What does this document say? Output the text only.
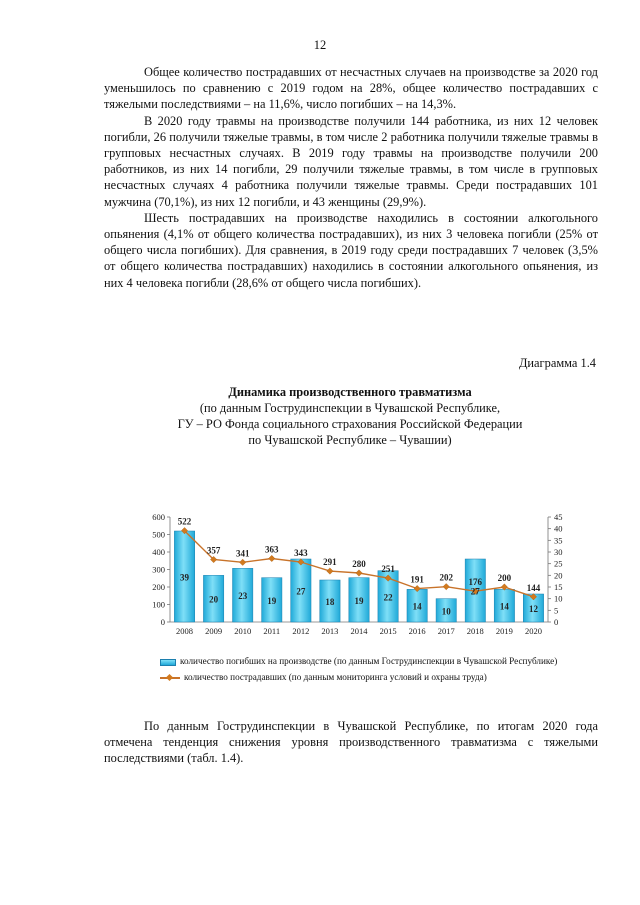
12

Общее количество пострадавших от несчастных случаев на производстве за 2020 год уменьшилось по сравнению с 2019 годом на 28%, общее количество пострадавших с тяжелыми последствиями – на 11,6%, число погибших – на 14,3%.

В 2020 году травмы на производстве получили 144 работника, из них 12 человек погибли, 26 получили тяжелые травмы, в том числе 2 работника получили тяжелые травмы в групповых несчастных случаях. В 2019 году травмы на производстве получили 200 работников, из них 14 погибли, 29 получили тяжелые травмы, в том числе в групповых несчастных случаях 4 работника получили тяжелые травмы. Среди пострадавших 101 мужчина (70,1%), из них 12 погибли, и 43 женщины (29,9%).

Шесть пострадавших на производстве находились в состоянии алкогольного опьянения (4,1% от общего количества пострадавших), из них 3 человека погибли (25% от общего числа погибших). Для сравнения, в 2019 году среди пострадавших 7 человек (3,5% от общего количества пострадавших) находились в состоянии алкогольного опьянения, из них 4 человека погибли (28,6% от общего числа погибших).

Диаграмма 1.4
Динамика производственного травматизма
(по данным Гострудинспекции в Чувашской Республике,
ГУ – РО Фонда социального страхования Российской Федерации
по Чувашской Республике – Чувашии)
0
100
200
300
400
500
600
0
5
10
15
20
25
30
35
40
45
2008 2009 2010 2011 2012 2013 2014 2015 2016 2017 2018 2019 2020
39
20 23 19
27
18 19 22
14 10
27
14 12
522
357 341 363 343
291 280
251
191 202 176 200
144
количество погибших на производстве (по данным Гострудинспекции в Чувашской Республике)
количество пострадавших (по данным мониторинга условий и охраны труда)

По данным Гострудинспекции в Чувашской Республике, по итогам 2020 года отмечена тенденция снижения уровня производственного травматизма с тяжелыми последствиями (табл. 1.4).
